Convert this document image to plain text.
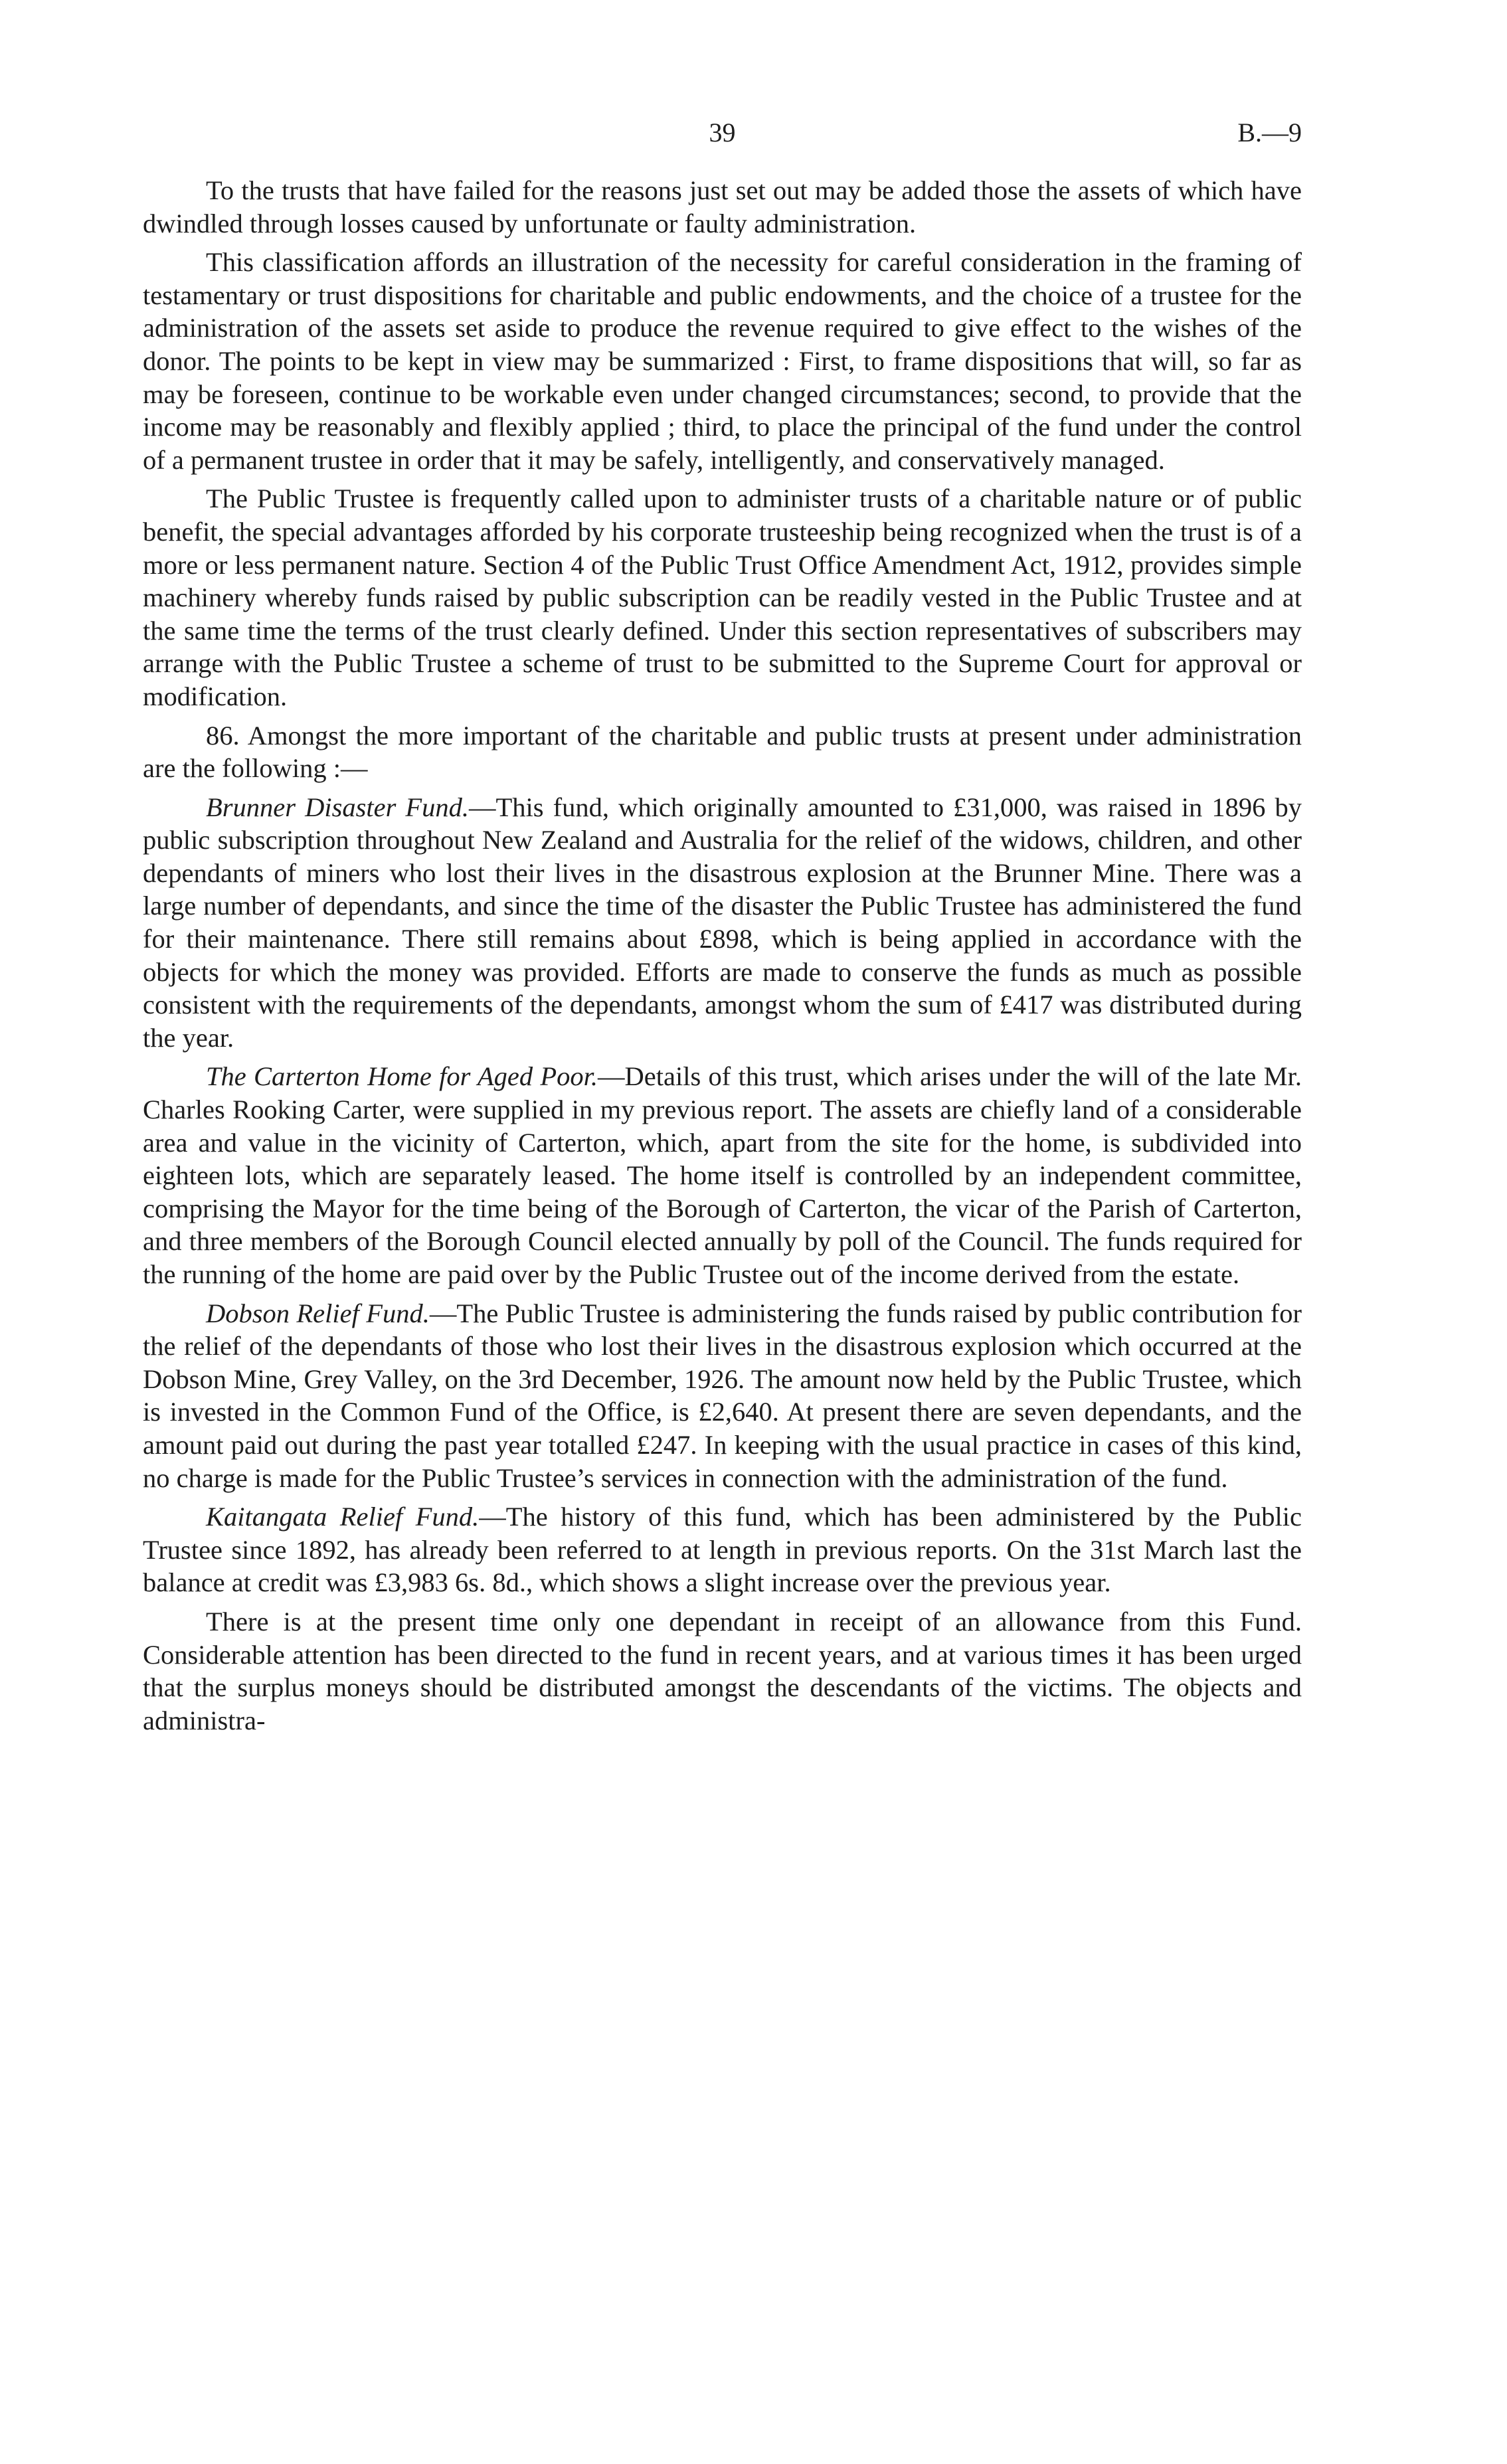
39	B.—9

To the trusts that have failed for the reasons just set out may be added those the assets of which have dwindled through losses caused by unfortunate or faulty administration.

This classification affords an illustration of the necessity for careful consideration in the framing of testamentary or trust dispositions for charitable and public endowments, and the choice of a trustee for the administration of the assets set aside to produce the revenue required to give effect to the wishes of the donor. The points to be kept in view may be summarized : First, to frame dispositions that will, so far as may be foreseen, continue to be workable even under changed circumstances; second, to provide that the income may be reasonably and flexibly applied ; third, to place the principal of the fund under the control of a permanent trustee in order that it may be safely, intelligently, and conservatively managed.

The Public Trustee is frequently called upon to administer trusts of a charitable nature or of public benefit, the special advantages afforded by his corporate trusteeship being recognized when the trust is of a more or less permanent nature. Section 4 of the Public Trust Office Amendment Act, 1912, provides simple machinery whereby funds raised by public subscription can be readily vested in the Public Trustee and at the same time the terms of the trust clearly defined. Under this section representatives of subscribers may arrange with the Public Trustee a scheme of trust to be submitted to the Supreme Court for approval or modification.

86. Amongst the more important of the charitable and public trusts at present under administration are the following :—

Brunner Disaster Fund.—This fund, which originally amounted to £31,000, was raised in 1896 by public subscription throughout New Zealand and Australia for the relief of the widows, children, and other dependants of miners who lost their lives in the disastrous explosion at the Brunner Mine. There was a large number of dependants, and since the time of the disaster the Public Trustee has administered the fund for their maintenance. There still remains about £898, which is being applied in accordance with the objects for which the money was provided. Efforts are made to conserve the funds as much as possible consistent with the requirements of the dependants, amongst whom the sum of £417 was distributed during the year.

The Carterton Home for Aged Poor.—Details of this trust, which arises under the will of the late Mr. Charles Rooking Carter, were supplied in my previous report. The assets are chiefly land of a considerable area and value in the vicinity of Carterton, which, apart from the site for the home, is subdivided into eighteen lots, which are separately leased. The home itself is controlled by an independent committee, comprising the Mayor for the time being of the Borough of Carterton, the vicar of the Parish of Carterton, and three members of the Borough Council elected annually by poll of the Council. The funds required for the running of the home are paid over by the Public Trustee out of the income derived from the estate.

Dobson Relief Fund.—The Public Trustee is administering the funds raised by public contribution for the relief of the dependants of those who lost their lives in the disastrous explosion which occurred at the Dobson Mine, Grey Valley, on the 3rd December, 1926. The amount now held by the Public Trustee, which is invested in the Common Fund of the Office, is £2,640. At present there are seven dependants, and the amount paid out during the past year totalled £247. In keeping with the usual practice in cases of this kind, no charge is made for the Public Trustee’s services in connection with the administration of the fund.

Kaitangata Relief Fund.—The history of this fund, which has been administered by the Public Trustee since 1892, has already been referred to at length in previous reports. On the 31st March last the balance at credit was £3,983 6s. 8d., which shows a slight increase over the previous year.

There is at the present time only one dependant in receipt of an allowance from this Fund. Considerable attention has been directed to the fund in recent years, and at various times it has been urged that the surplus moneys should be distributed amongst the descendants of the victims. The objects and administra-
